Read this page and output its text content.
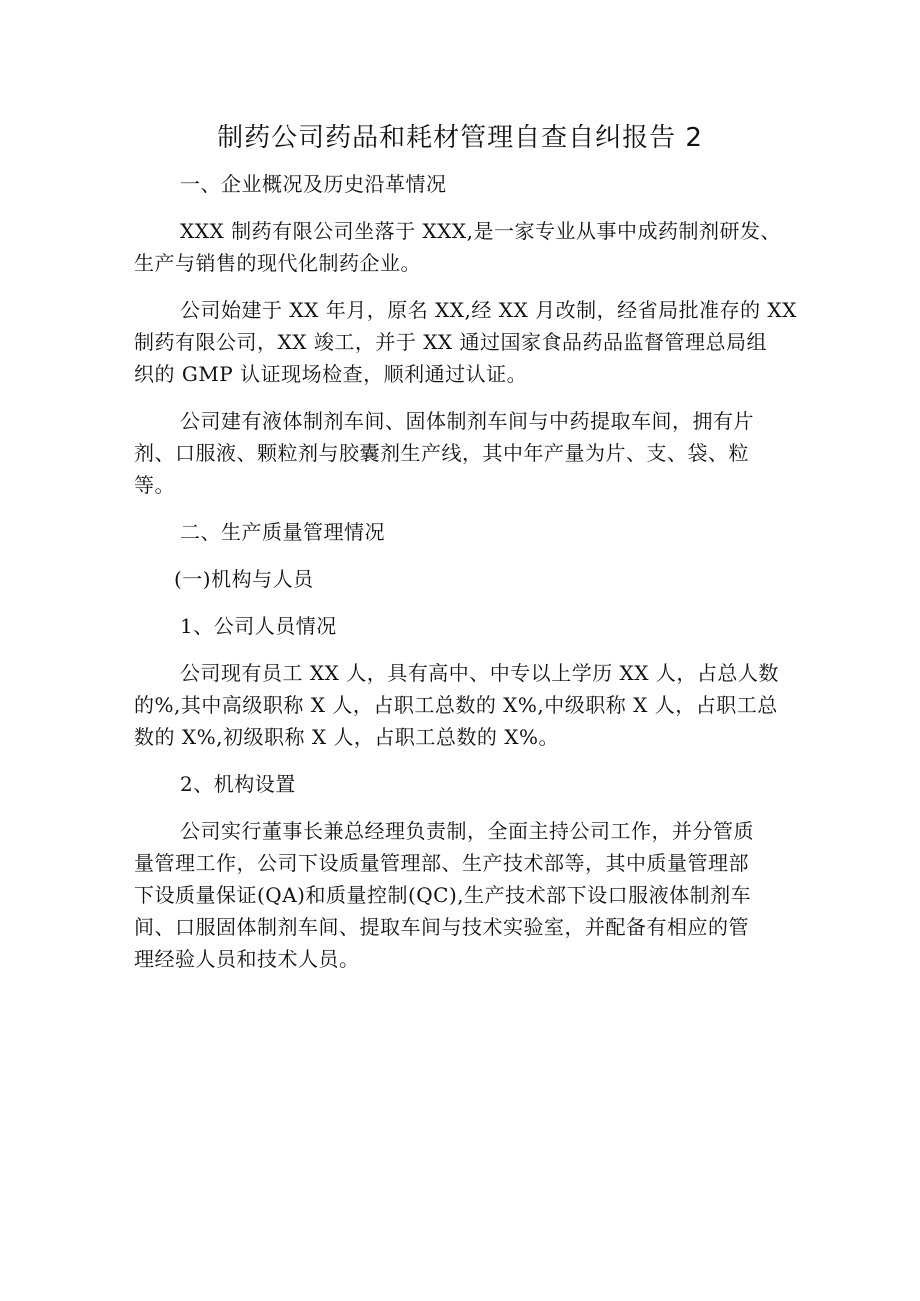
制药公司药品和耗材管理自查自纠报告 2
一、企业概况及历史沿革情况
XXX 制药有限公司坐落于 XXX,是一家专业从事中成药制剂研发、
生产与销售的现代化制药企业。
公司始建于 XX 年月，原名 XX,经 XX 月改制，经省局批准存的 XX
制药有限公司，XX 竣工，并于 XX 通过国家食品药品监督管理总局组
织的 GMP 认证现场检查，顺利通过认证。
公司建有液体制剂车间、固体制剂车间与中药提取车间，拥有片
剂、口服液、颗粒剂与胶囊剂生产线，其中年产量为片、支、袋、粒
等。
二、生产质量管理情况
(一)机构与人员
1、公司人员情况
公司现有员工 XX 人，具有高中、中专以上学历 XX 人，占总人数
的%,其中高级职称 X 人，占职工总数的 X%,中级职称 X 人，占职工总
数的 X%,初级职称 X 人，占职工总数的 X%。
2、机构设置
公司实行董事长兼总经理负责制，全面主持公司工作，并分管质
量管理工作，公司下设质量管理部、生产技术部等，其中质量管理部
下设质量保证(QA)和质量控制(QC),生产技术部下设口服液体制剂车
间、口服固体制剂车间、提取车间与技术实验室，并配备有相应的管
理经验人员和技术人员。
